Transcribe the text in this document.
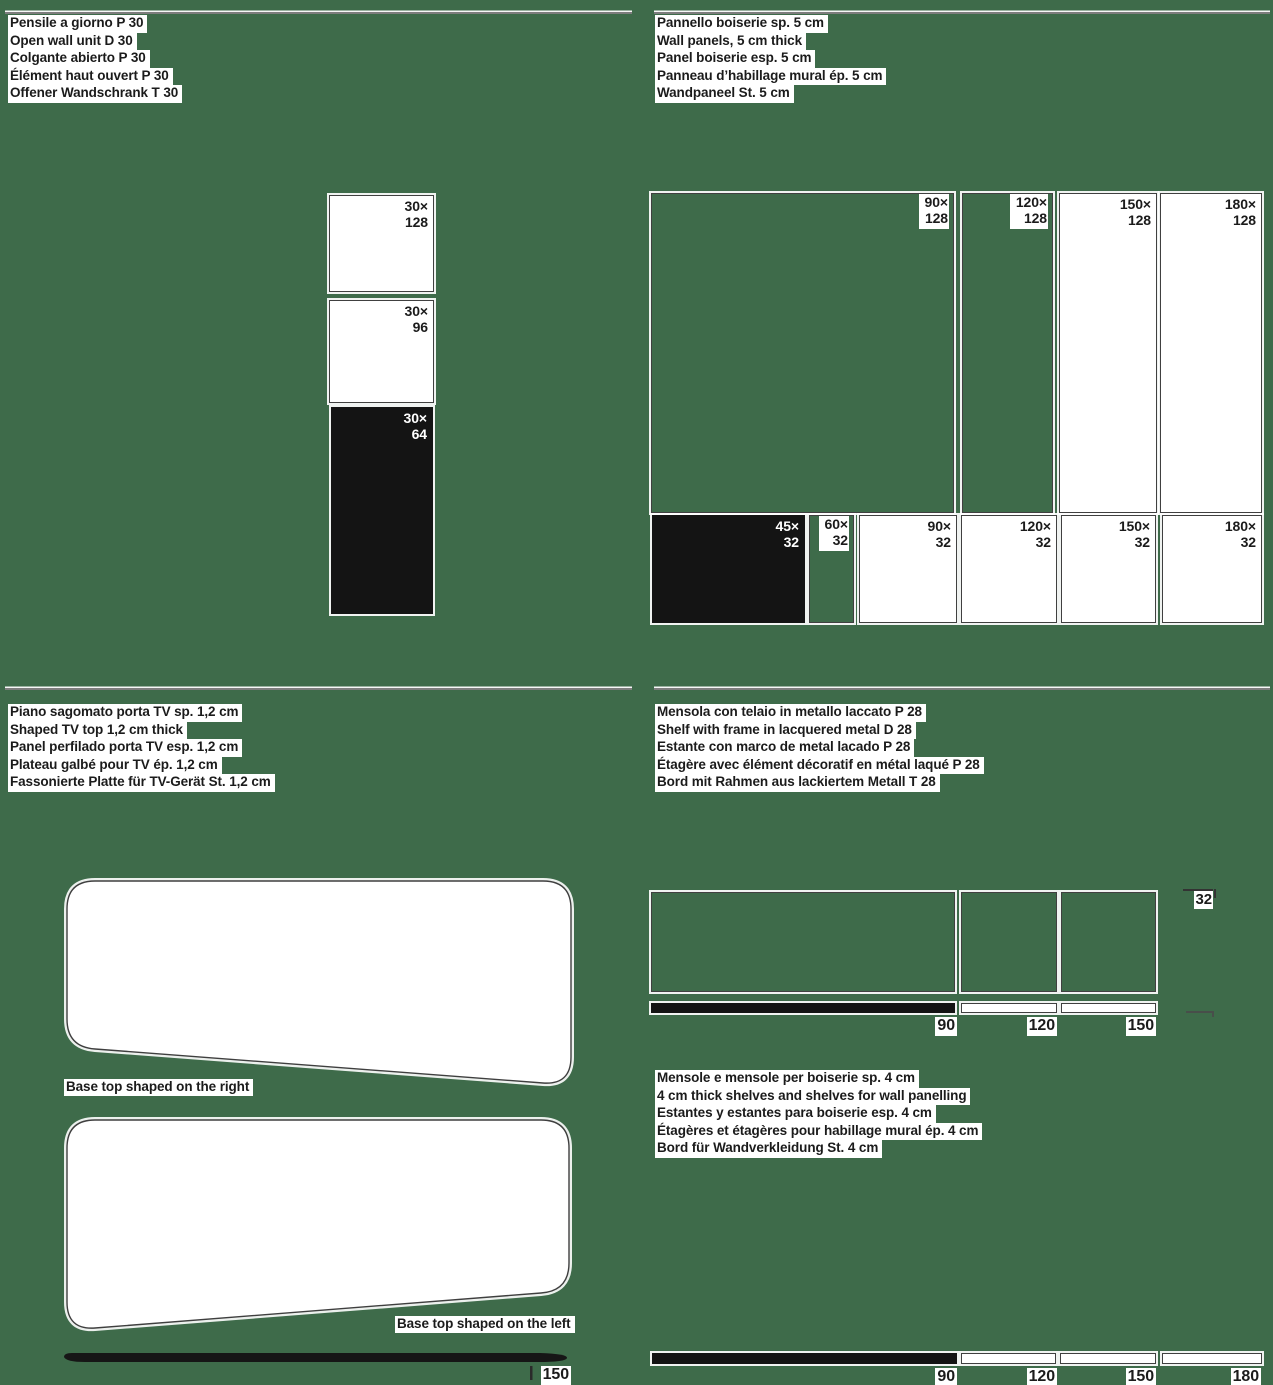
Pensile a giorno P 30
Open wall unit D 30
Colgante abierto P 30
Élément haut ouvert P 30
Offener Wandschrank T 30
30×
128
30×
96
30×
64
Pannello boiserie sp. 5 cm
Wall panels, 5 cm thick
Panel boiserie esp. 5 cm
Panneau d’habillage mural ép. 5 cm
Wandpaneel St. 5 cm
90×
128
120×
128
150×
128
180×
128
45×
32
60×
32
90×
32
120×
32
150×
32
180×
32
Piano sagomato porta TV sp. 1,2 cm
Shaped TV top 1,2 cm thick
Panel perfilado porta TV esp. 1,2 cm
Plateau galbé pour TV ép. 1,2 cm
Fassonierte Platte für TV-Gerät St. 1,2 cm
Base top shaped on the right
Base top shaped on the left
150
Mensola con telaio in metallo laccato P 28
Shelf with frame in lacquered metal D 28
Estante con marco de metal lacado P 28
Étagère avec élément décoratif en métal laqué P 28
Bord mit Rahmen aus lackiertem Metall T 28
90	120	150
32
Mensole e mensole per boiserie sp. 4 cm
4 cm thick shelves and shelves for wall panelling
Estantes y estantes para boiserie esp. 4 cm
Étagères et étagères pour habillage mural ép. 4 cm
Bord für Wandverkleidung St. 4 cm
90	120	150	180
